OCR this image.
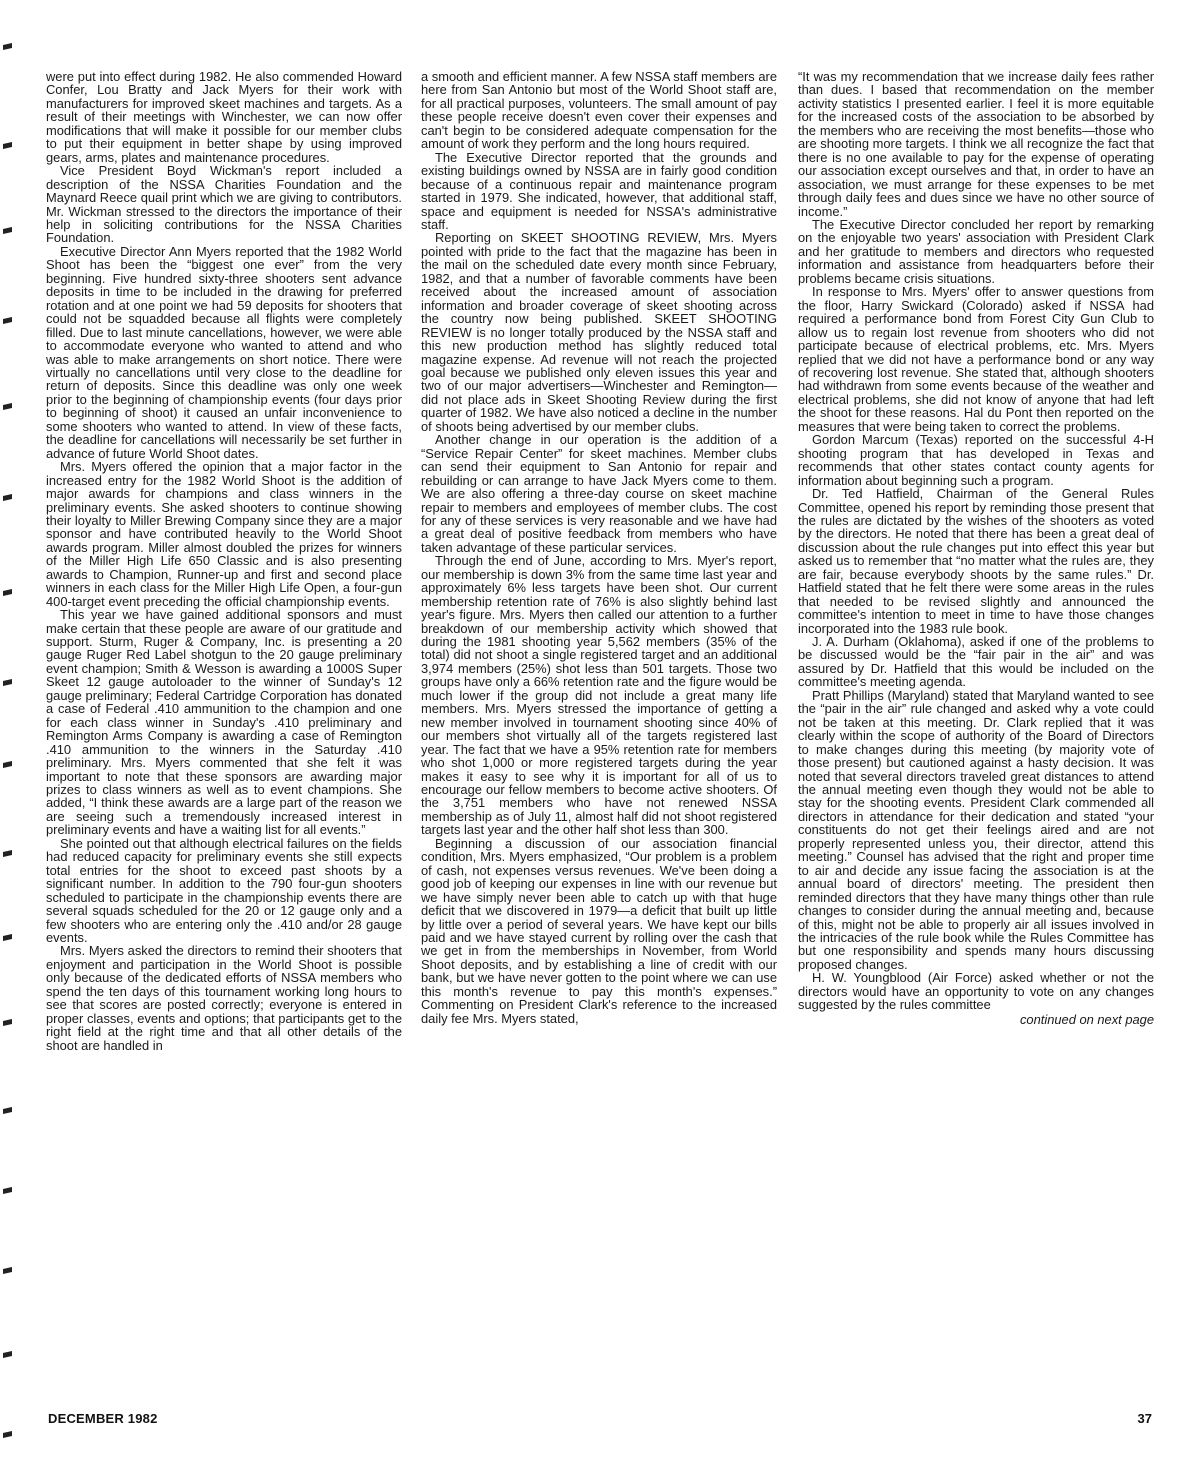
were put into effect during 1982. He also commended Howard Confer, Lou Bratty and Jack Myers for their work with manufacturers for improved skeet machines and targets. As a result of their meetings with Winchester, we can now offer modifications that will make it possible for our member clubs to put their equipment in better shape by using improved gears, arms, plates and maintenance procedures.

Vice President Boyd Wickman's report included a description of the NSSA Charities Foundation and the Maynard Reece quail print which we are giving to contributors. Mr. Wickman stressed to the directors the importance of their help in soliciting contributions for the NSSA Charities Foundation.

Executive Director Ann Myers reported that the 1982 World Shoot has been the “biggest one ever” from the very beginning. Five hundred sixty-three shooters sent advance deposits in time to be included in the drawing for preferred rotation and at one point we had 59 deposits for shooters that could not be squadded because all flights were completely filled. Due to last minute cancellations, however, we were able to accommodate everyone who wanted to attend and who was able to make arrangements on short notice. There were virtually no cancellations until very close to the deadline for return of deposits. Since this deadline was only one week prior to the beginning of championship events (four days prior to beginning of shoot) it caused an unfair inconvenience to some shooters who wanted to attend. In view of these facts, the deadline for cancellations will necessarily be set further in advance of future World Shoot dates.

Mrs. Myers offered the opinion that a major factor in the increased entry for the 1982 World Shoot is the addition of major awards for champions and class winners in the preliminary events. She asked shooters to continue showing their loyalty to Miller Brewing Company since they are a major sponsor and have contributed heavily to the World Shoot awards program. Miller almost doubled the prizes for winners of the Miller High Life 650 Classic and is also presenting awards to Champion, Runner-up and first and second place winners in each class for the Miller High Life Open, a four-gun 400-target event preceding the official championship events.

This year we have gained additional sponsors and must make certain that these people are aware of our gratitude and support. Sturm, Ruger & Company, Inc. is presenting a 20 gauge Ruger Red Label shotgun to the 20 gauge preliminary event champion; Smith & Wesson is awarding a 1000S Super Skeet 12 gauge autoloader to the winner of Sunday's 12 gauge preliminary; Federal Cartridge Corporation has donated a case of Federal .410 ammunition to the champion and one for each class winner in Sunday's .410 preliminary and Remington Arms Company is awarding a case of Remington .410 ammunition to the winners in the Saturday .410 preliminary. Mrs. Myers commented that she felt it was important to note that these sponsors are awarding major prizes to class winners as well as to event champions. She added, “I think these awards are a large part of the reason we are seeing such a tremendously increased interest in preliminary events and have a waiting list for all events.”

She pointed out that although electrical failures on the fields had reduced capacity for preliminary events she still expects total entries for the shoot to exceed past shoots by a significant number. In addition to the 790 four-gun shooters scheduled to participate in the championship events there are several squads scheduled for the 20 or 12 gauge only and a few shooters who are entering only the .410 and/or 28 gauge events.

Mrs. Myers asked the directors to remind their shooters that enjoyment and participation in the World Shoot is possible only because of the dedicated efforts of NSSA members who spend the ten days of this tournament working long hours to see that scores are posted correctly; everyone is entered in proper classes, events and options; that participants get to the right field at the right time and that all other details of the shoot are handled in

a smooth and efficient manner. A few NSSA staff members are here from San Antonio but most of the World Shoot staff are, for all practical purposes, volunteers. The small amount of pay these people receive doesn't even cover their expenses and can't begin to be considered adequate compensation for the amount of work they perform and the long hours required.

The Executive Director reported that the grounds and existing buildings owned by NSSA are in fairly good condition because of a continuous repair and maintenance program started in 1979. She indicated, however, that additional staff, space and equipment is needed for NSSA's administrative staff.

Reporting on SKEET SHOOTING REVIEW, Mrs. Myers pointed with pride to the fact that the magazine has been in the mail on the scheduled date every month since February, 1982, and that a number of favorable comments have been received about the increased amount of association information and broader coverage of skeet shooting across the country now being published. SKEET SHOOTING REVIEW is no longer totally produced by the NSSA staff and this new production method has slightly reduced total magazine expense. Ad revenue will not reach the projected goal because we published only eleven issues this year and two of our major advertisers—Winchester and Remington—did not place ads in Skeet Shooting Review during the first quarter of 1982. We have also noticed a decline in the number of shoots being advertised by our member clubs.

Another change in our operation is the addition of a “Service Repair Center” for skeet machines. Member clubs can send their equipment to San Antonio for repair and rebuilding or can arrange to have Jack Myers come to them. We are also offering a three-day course on skeet machine repair to members and employees of member clubs. The cost for any of these services is very reasonable and we have had a great deal of positive feedback from members who have taken advantage of these particular services.

Through the end of June, according to Mrs. Myer's report, our membership is down 3% from the same time last year and approximately 6% less targets have been shot. Our current membership retention rate of 76% is also slightly behind last year's figure. Mrs. Myers then called our attention to a further breakdown of our membership activity which showed that during the 1981 shooting year 5,562 members (35% of the total) did not shoot a single registered target and an additional 3,974 members (25%) shot less than 501 targets. Those two groups have only a 66% retention rate and the figure would be much lower if the group did not include a great many life members. Mrs. Myers stressed the importance of getting a new member involved in tournament shooting since 40% of our members shot virtually all of the targets registered last year. The fact that we have a 95% retention rate for members who shot 1,000 or more registered targets during the year makes it easy to see why it is important for all of us to encourage our fellow members to become active shooters. Of the 3,751 members who have not renewed NSSA membership as of July 11, almost half did not shoot registered targets last year and the other half shot less than 300.

Beginning a discussion of our association financial condition, Mrs. Myers emphasized, “Our problem is a problem of cash, not expenses versus revenues. We've been doing a good job of keeping our expenses in line with our revenue but we have simply never been able to catch up with that huge deficit that we discovered in 1979—a deficit that built up little by little over a period of several years. We have kept our bills paid and we have stayed current by rolling over the cash that we get in from the memberships in November, from World Shoot deposits, and by establishing a line of credit with our bank, but we have never gotten to the point where we can use this month's revenue to pay this month's expenses.” Commenting on President Clark's reference to the increased daily fee Mrs. Myers stated,

“It was my recommendation that we increase daily fees rather than dues. I based that recommendation on the member activity statistics I presented earlier. I feel it is more equitable for the increased costs of the association to be absorbed by the members who are receiving the most benefits—those who are shooting more targets. I think we all recognize the fact that there is no one available to pay for the expense of operating our association except ourselves and that, in order to have an association, we must arrange for these expenses to be met through daily fees and dues since we have no other source of income.”

The Executive Director concluded her report by remarking on the enjoyable two years' association with President Clark and her gratitude to members and directors who requested information and assistance from headquarters before their problems became crisis situations.

In response to Mrs. Myers' offer to answer questions from the floor, Harry Swickard (Colorado) asked if NSSA had required a performance bond from Forest City Gun Club to allow us to regain lost revenue from shooters who did not participate because of electrical problems, etc. Mrs. Myers replied that we did not have a performance bond or any way of recovering lost revenue. She stated that, although shooters had withdrawn from some events because of the weather and electrical problems, she did not know of anyone that had left the shoot for these reasons. Hal du Pont then reported on the measures that were being taken to correct the problems.

Gordon Marcum (Texas) reported on the successful 4-H shooting program that has developed in Texas and recommends that other states contact county agents for information about beginning such a program.

Dr. Ted Hatfield, Chairman of the General Rules Committee, opened his report by reminding those present that the rules are dictated by the wishes of the shooters as voted by the directors. He noted that there has been a great deal of discussion about the rule changes put into effect this year but asked us to remember that “no matter what the rules are, they are fair, because everybody shoots by the same rules.” Dr. Hatfield stated that he felt there were some areas in the rules that needed to be revised slightly and announced the committee's intention to meet in time to have those changes incorporated into the 1983 rule book.

J. A. Durham (Oklahoma), asked if one of the problems to be discussed would be the “fair pair in the air” and was assured by Dr. Hatfield that this would be included on the committee's meeting agenda.

Pratt Phillips (Maryland) stated that Maryland wanted to see the “pair in the air” rule changed and asked why a vote could not be taken at this meeting. Dr. Clark replied that it was clearly within the scope of authority of the Board of Directors to make changes during this meeting (by majority vote of those present) but cautioned against a hasty decision. It was noted that several directors traveled great distances to attend the annual meeting even though they would not be able to stay for the shooting events. President Clark commended all directors in attendance for their dedication and stated “your constituents do not get their feelings aired and are not properly represented unless you, their director, attend this meeting.” Counsel has advised that the right and proper time to air and decide any issue facing the association is at the annual board of directors' meeting. The president then reminded directors that they have many things other than rule changes to consider during the annual meeting and, because of this, might not be able to properly air all issues involved in the intricacies of the rule book while the Rules Committee has but one responsibility and spends many hours discussing proposed changes.

H. W. Youngblood (Air Force) asked whether or not the directors would have an opportunity to vote on any changes suggested by the rules committee

continued on next page
DECEMBER 1982	37
